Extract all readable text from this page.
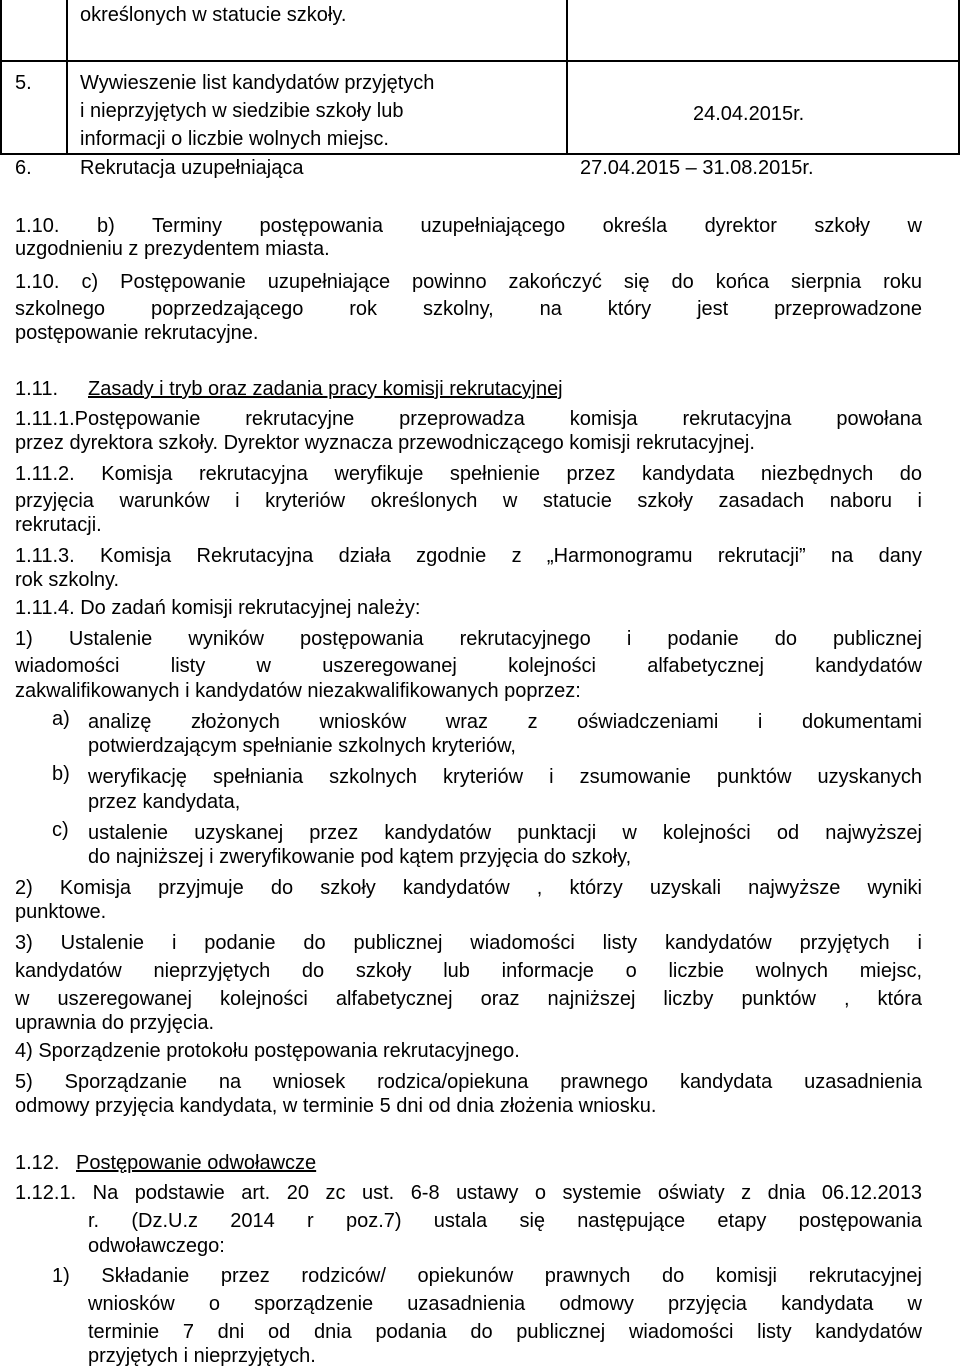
określonych w statucie szkoły.
5. Wywieszenie list kandydatów przyjętych
i nieprzyjętych w siedzibie szkoły lub
informacji o liczbie wolnych miejsc.
24.04.2015r.
6. Rekrutacja uzupełniająca	27.04.2015 – 31.08.2015r.
1.10. b) Terminy postępowania uzupełniającego określa dyrektor szkoły w
uzgodnieniu z prezydentem miasta.
1.10. c) Postępowanie uzupełniające powinno zakończyć się do końca sierpnia roku
szkolnego poprzedzającego rok szkolny, na który jest przeprowadzone
postępowanie rekrutacyjne.
1.11. Zasady i tryb oraz zadania pracy komisji rekrutacyjnej
1.11.1.Postępowanie rekrutacyjne przeprowadza komisja rekrutacyjna powołana
przez dyrektora szkoły. Dyrektor wyznacza przewodniczącego komisji rekrutacyjnej.
1.11.2. Komisja rekrutacyjna weryfikuje spełnienie przez kandydata niezbędnych do
przyjęcia warunków i kryteriów określonych w statucie szkoły zasadach naboru i
rekrutacji.
1.11.3. Komisja Rekrutacyjna działa zgodnie z „Harmonogramu rekrutacji” na dany
rok szkolny.
1.11.4. Do zadań komisji rekrutacyjnej należy:
1) Ustalenie wyników postępowania rekrutacyjnego i podanie do publicznej
wiadomości listy w uszeregowanej kolejności alfabetycznej kandydatów
zakwalifikowanych i kandydatów niezakwalifikowanych poprzez:
a) analizę złożonych wniosków wraz z oświadczeniami i dokumentami
potwierdzającym spełnianie szkolnych kryteriów,
b) weryfikację spełniania szkolnych kryteriów i zsumowanie punktów uzyskanych
przez kandydata,
c) ustalenie uzyskanej przez kandydatów punktacji w kolejności od najwyższej
do najniższej i zweryfikowanie pod kątem przyjęcia do szkoły,
2) Komisja przyjmuje do szkoły kandydatów , którzy uzyskali najwyższe wyniki
punktowe.
3) Ustalenie i podanie do publicznej wiadomości listy kandydatów przyjętych i
kandydatów nieprzyjętych do szkoły lub informacje o liczbie wolnych miejsc,
w uszeregowanej kolejności alfabetycznej oraz najniższej liczby punktów , która
uprawnia do przyjęcia.
4) Sporządzenie protokołu postępowania rekrutacyjnego.
5) Sporządzanie na wniosek rodzica/opiekuna prawnego kandydata uzasadnienia
odmowy przyjęcia kandydata, w terminie 5 dni od dnia złożenia wniosku.
1.12. Postępowanie odwoławcze
1.12.1. Na podstawie art. 20 zc ust. 6-8 ustawy o systemie oświaty z dnia 06.12.2013
r. (Dz.U.z 2014 r poz.7) ustala się następujące etapy postępowania
odwoławczego:
1) Składanie przez rodziców/ opiekunów prawnych do komisji rekrutacyjnej
wniosków o sporządzenie uzasadnienia odmowy przyjęcia kandydata w
terminie 7 dni od dnia podania do publicznej wiadomości listy kandydatów
przyjętych i nieprzyjętych.
